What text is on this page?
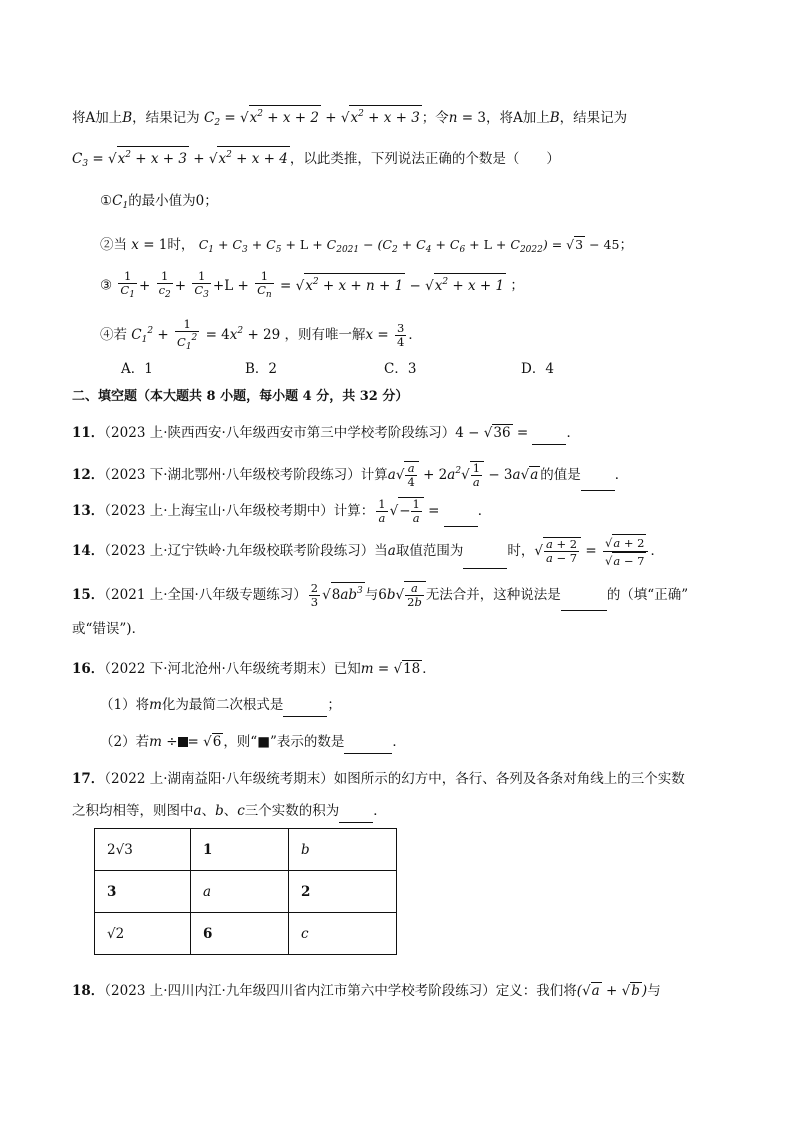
将A加上B，结果记为 $C_2 = √x^2 + x + 2 + √x^2 + x + 3$ ；令n = 3，将A加上B，结果记为
$C_3 = √x^2 + x + 3 + √x^2 + x + 4$ ，以此类推，下列说法正确的个数是（　　）
$①C_1$的最小值为0；
②当 x = 1时， $C_1 + C_3 + C_5 + L + C_{2021} - (C_2 + C_4 + C_6 + L + C_{2022}) = √3 - 45$；
③ $\frac{1}{C_1} + \frac{1}{c_2} + \frac{1}{C_3} +L + \frac{1}{C_n} = √x^2 + x + n + 1 - √x^2 + x + 1$ ；
④若 $C_1^2 + \frac{1}{C_1^2} = 4x^2 + 29$ ，则有唯一解$x = \frac{3}{4}$ ．
A．1	B．2	C．3	D．4
二、填空题（本大题共 8 小题，每小题 4 分，共 32 分）
11．（2023 上·陕西西安·八年级西安市第三中学校考阶段练习）4 − √36 =	．
12．（2023 下·湖北鄂州·八年级校考阶段练习）计算$a√ \frac{a}{4} + 2a^2√ \frac{1}{a} - 3a√a$ 的值是	．
13．（2023 上·上海宝山·八年级校考期中）计算： $\frac{1}{a}$ √− $\frac{1}{a}$ =	．
14．（2023 上·辽宁铁岭·九年级校联考阶段练习）当a取值范围为	时，√ $\frac{a + 2}{a - 7} = \frac{√a + 2}{√a - 7}$ ．
15．（2021 上·全国·八年级专题练习） $\frac{2}{3} √8ab^3$ 与$6b√ \frac{a}{2b}$ 无法合并，这种说法是	的（填“正确”
或“错误”)．
16．（2022 下·河北沧州·八年级统考期末）已知m = √18 ．
（1）将m化为最简二次根式是	；
（2）若m ÷ = √6 ，则“■”表示的数是	．
17．（2022 上·湖南益阳·八年级统考期末）如图所示的幻方中，各行、各列及各条对角线上的三个实数
之积均相等，则图中a、b、c三个实数的积为	．
2√3	1	b
3	a	2
√2	6	c
18．（2023 上·四川内江·九年级四川省内江市第六中学校考阶段练习）定义：我们将(√a + √b )与
